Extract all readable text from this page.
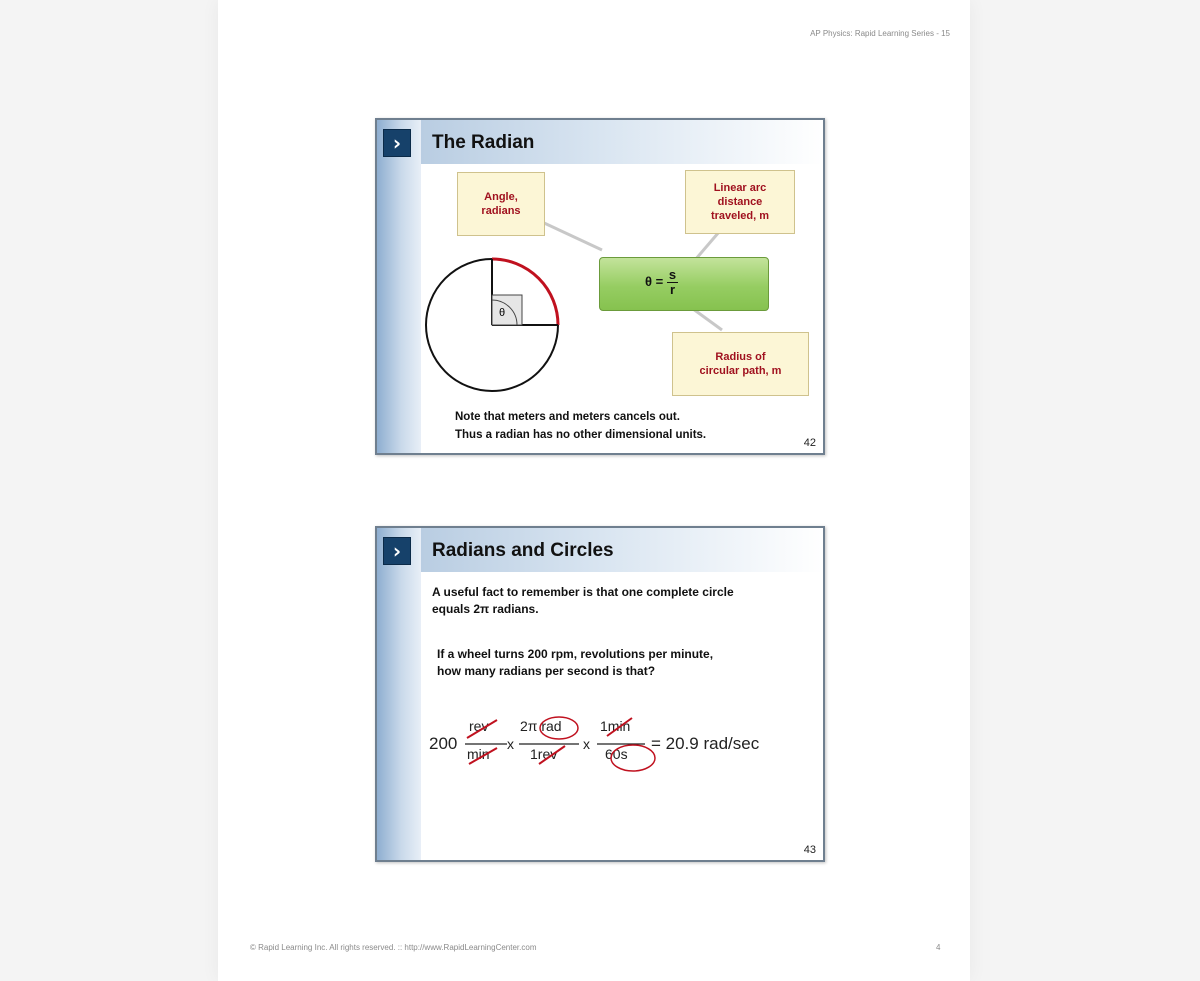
AP Physics: Rapid Learning Series - 15
›	The Radian
θ
Angle,
radians
Linear arc
distance
traveled, m
Radius of
circular path, m
$\theta = \frac{s}{r}$
Note that meters and meters cancels out.
Thus a radian has no other dimensional units.
42
›	Radians and Circles
A useful fact to remember is that one complete circle
equals 2π radians.
If a wheel turns 200 rpm, revolutions per minute,
how many radians per second is that?
200
rev
min
x
2π rad
1rev
x
1min
60s
= 20.9 rad/sec
43
© Rapid Learning Inc. All rights reserved. :: http://www.RapidLearningCenter.com	4
